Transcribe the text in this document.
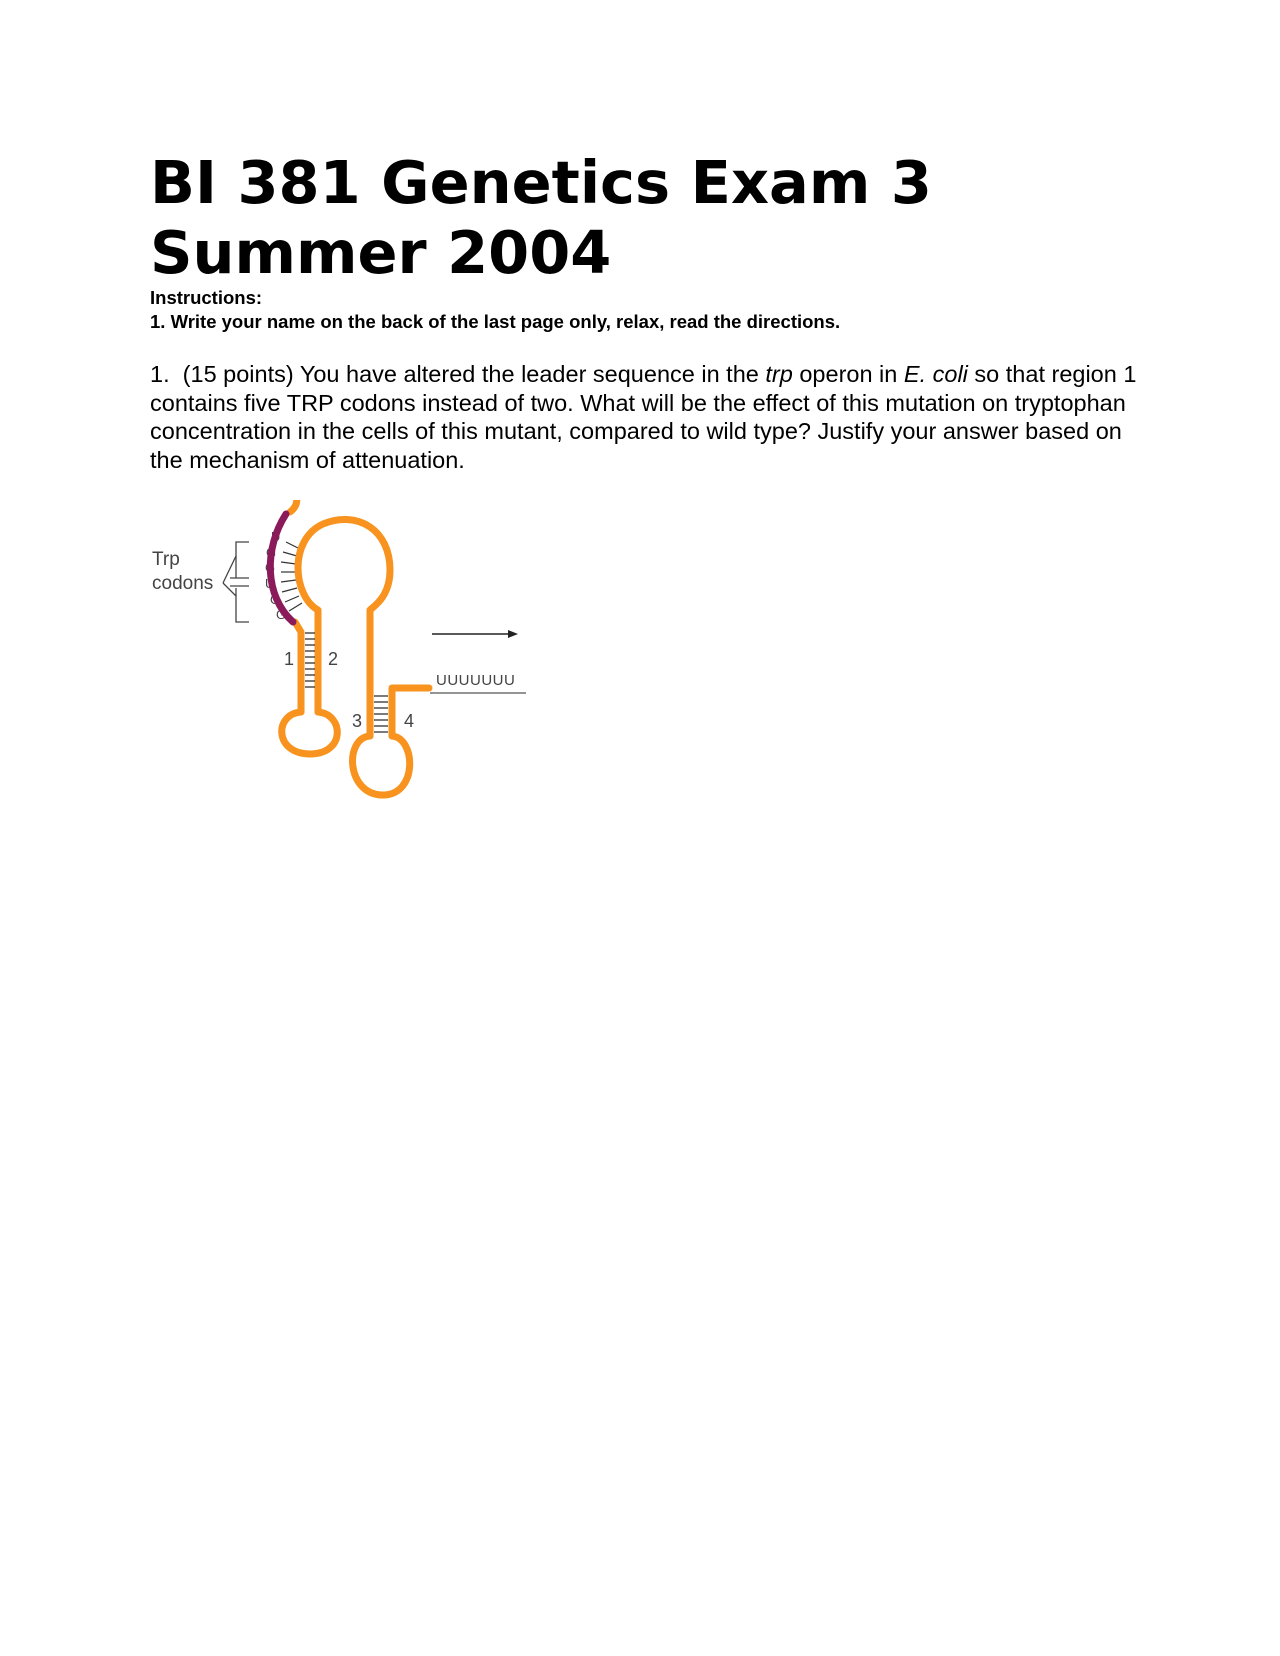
BI 381 Genetics Exam 3
Summer 2004

Instructions:

1. Write your name on the back of the last page only, relax, read the directions.

1. (15 points) You have altered the leader sequence in the trp operon in E. coli so that region 1 contains five TRP codons instead of two. What will be the effect of this mutation on tryptophan concentration in the cells of this mutant, compared to wild type? Justify your answer based on the mechanism of attenuation.

Trp
codons
U
G
G
U
G
G
1 2
3 4
UUUUUUU
